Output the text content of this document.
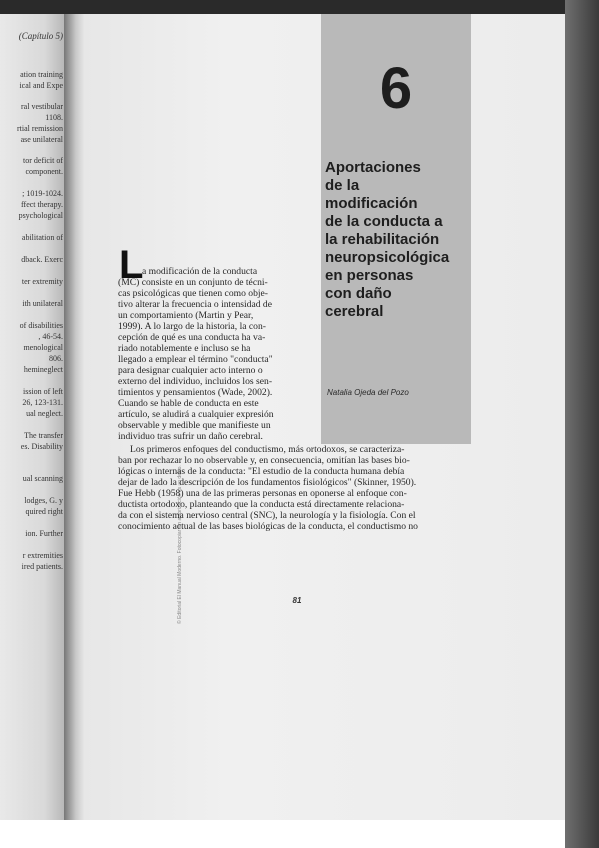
(Capítulo 5)
ation training
ical and Expe
ral vestibular
1108.
rtial remission
ase unilateral
tor deficit of
component.
; 1019-1024.
ffect therapy.
psychological
abilitation of
dback. Exerc
ter extremity
ith unilateral
of disabilities
, 46-54.
menological
806.
hemineglect
ission of left
26, 123-131.
ual neglect.
The transfer
es. Disability
ual scanning
lodges, G. y
quired right
ion. Further
r extremities
ired patients.
6
Aportaciones
de la
modificación
de la conducta a
la rehabilitación
neuropsicológica
en personas
con daño
cerebral
Natalia Ojeda del Pozo
© Editorial El Manual Moderno. Fotocopiar sin autorización es un delito.
L
a modificación de la conducta
(MC) consiste en un conjunto de técni-
cas psicológicas que tienen como obje-
tivo alterar la frecuencia o intensidad de
un comportamiento (Martin y Pear,
1999). A lo largo de la historia, la con-
cepción de qué es una conducta ha va-
riado notablemente e incluso se ha
llegado a emplear el término "conducta"
para designar cualquier acto interno o
externo del individuo, incluidos los sen-
timientos y pensamientos (Wade, 2002).
Cuando se hable de conducta en este
artículo, se aludirá a cualquier expresión
observable y medible que manifieste un
individuo tras sufrir un daño cerebral.
Los primeros enfoques del conductismo, más ortodoxos, se caracteriza-
ban por rechazar lo no observable y, en consecuencia, omitían las bases bio-
lógicas o internas de la conducta: "El estudio de la conducta humana debía
dejar de lado la descripción de los fundamentos fisiológicos" (Skinner, 1950).
Fue Hebb (1958) una de las primeras personas en oponerse al enfoque con-
ductista ortodoxo, planteando que la conducta está directamente relaciona-
da con el sistema nervioso central (SNC), la neurología y la fisiología. Con el
conocimiento actual de las bases biológicas de la conducta, el conductismo no
81
